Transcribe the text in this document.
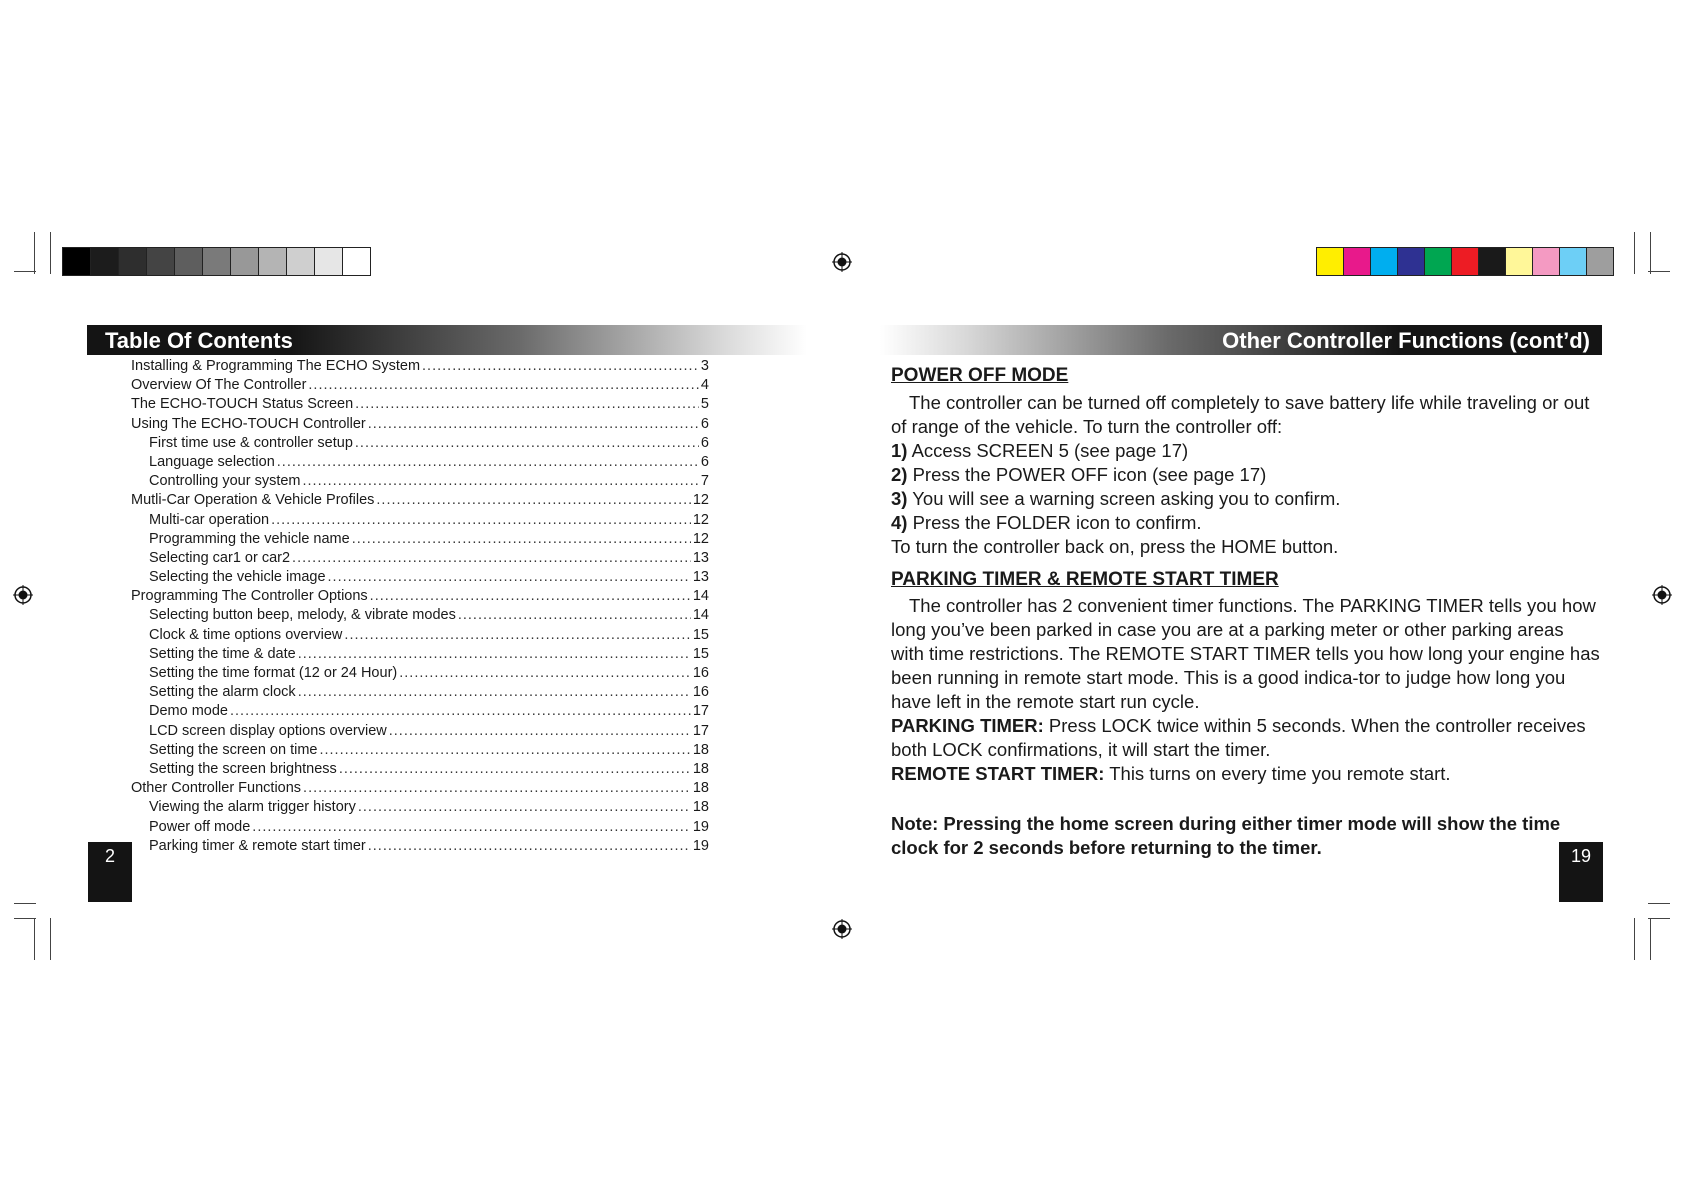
Table Of Contents
Installing & Programming The ECHO System .....	3
Overview Of The Controller .....	4
The ECHO-TOUCH Status Screen .....	5
Using The ECHO-TOUCH Controller .....	6
First time use & controller setup .....	6
Language selection .....	6
Controlling your system .....	7
Mutli-Car Operation & Vehicle Profiles .....	12
Multi-car operation .....	12
Programming the vehicle name .....	12
Selecting car1 or car2 .....	13
Selecting the vehicle image .....	13
Programming The Controller Options .....	14
Selecting button beep, melody, & vibrate modes .....	14
Clock & time options overview .....	15
Setting the time & date .....	15
Setting the time format (12 or 24 Hour) .....	16
Setting the alarm clock .....	16
Demo mode .....	17
LCD screen display options overview .....	17
Setting the screen on time .....	18
Setting the screen brightness .....	18
Other Controller Functions .....	18
Viewing the alarm trigger history .....	18
Power off mode .....	19
Parking timer & remote start timer .....	19
2
Other Controller Functions (cont’d)
POWER OFF MODE

The controller can be turned off completely to save battery life while traveling or out of range of the vehicle. To turn the controller off:

1) Access SCREEN 5 (see page 17)

2) Press the POWER OFF icon (see page 17)

3) You will see a warning screen asking you to confirm.

4) Press the FOLDER icon to confirm.

To turn the controller back on, press the HOME button.

PARKING TIMER & REMOTE START TIMER

The controller has 2 convenient timer functions. The PARKING TIMER tells you how long you’ve been parked in case you are at a parking meter or other parking areas with time restrictions. The REMOTE START TIMER tells you how long your engine has been running in remote start mode. This is a good indica-tor to judge how long you have left in the remote start run cycle.

PARKING TIMER: Press LOCK twice within 5 seconds. When the controller receives both LOCK confirmations, it will start the timer.

REMOTE START TIMER: This turns on every time you remote start.

Note: Pressing the home screen during either timer mode will show the time clock for 2 seconds before returning to the timer.	19
